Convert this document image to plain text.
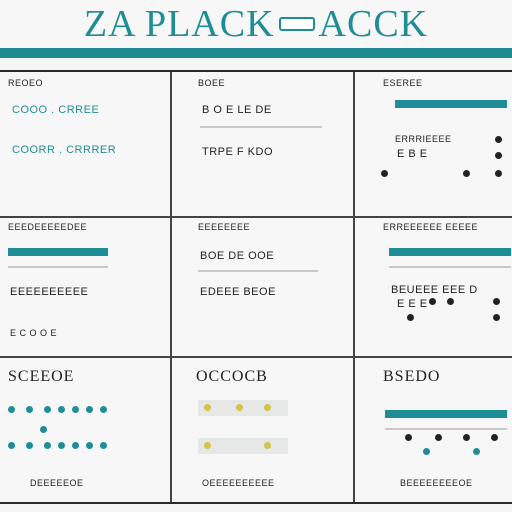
ZA PLACK ACCK
REOEO
COOO . CRREE
COORR . CRRRER
BOEE
B O E LE DE
TRPE F KDO
ESEREE
ERRRIEEEE
E B E
EEEDEEEEEDEE
EEEEEEEEEE
E C O O E
EEEEEEEE
BOE DE OOE
EDEEE BEOE
ERREEEEEE EEEEE
BEUEEE EEE D
E E E
SCEEOE	OCCOCB	BSEDO
DEEEEEOE	OEEEEEEEEEE	BEEEEEEEEOE
